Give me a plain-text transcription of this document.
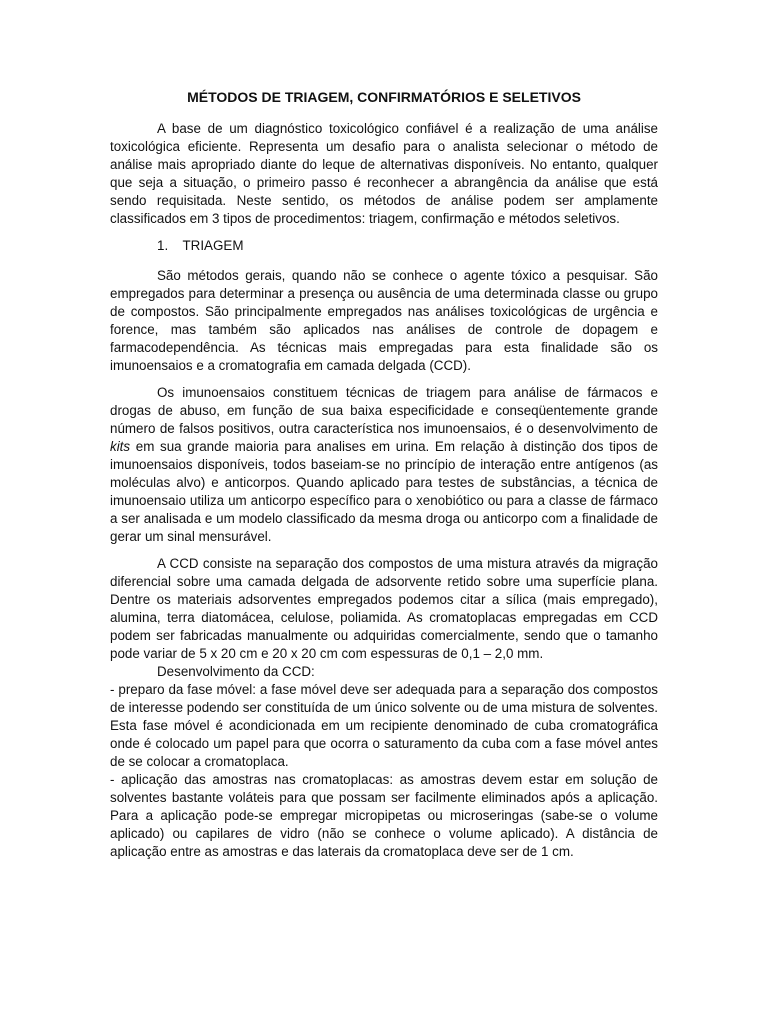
MÉTODOS DE TRIAGEM, CONFIRMATÓRIOS E SELETIVOS

A base de um diagnóstico toxicológico confiável é a realização de uma análise toxicológica eficiente. Representa um desafio para o analista selecionar o método de análise mais apropriado diante do leque de alternativas disponíveis. No entanto, qualquer que seja a situação, o primeiro passo é reconhecer a abrangência da análise que está sendo requisitada. Neste sentido, os métodos de análise podem ser amplamente classificados em 3 tipos de procedimentos: triagem, confirmação e métodos seletivos.

1. TRIAGEM

São métodos gerais, quando não se conhece o agente tóxico a pesquisar. São empregados para determinar a presença ou ausência de uma determinada classe ou grupo de compostos. São principalmente empregados nas análises toxicológicas de urgência e forence, mas também são aplicados nas análises de controle de dopagem e farmacodependência. As técnicas mais empregadas para esta finalidade são os imunoensaios e a cromatografia em camada delgada (CCD).

Os imunoensaios constituem técnicas de triagem para análise de fármacos e drogas de abuso, em função de sua baixa especificidade e conseqüentemente grande número de falsos positivos, outra característica nos imunoensaios, é o desenvolvimento de kits em sua grande maioria para analises em urina. Em relação à distinção dos tipos de imunoensaios disponíveis, todos baseiam-se no princípio de interação entre antígenos (as moléculas alvo) e anticorpos. Quando aplicado para testes de substâncias, a técnica de imunoensaio utiliza um anticorpo específico para o xenobiótico ou para a classe de fármaco a ser analisada e um modelo classificado da mesma droga ou anticorpo com a finalidade de gerar um sinal mensurável.

A CCD consiste na separação dos compostos de uma mistura através da migração diferencial sobre uma camada delgada de adsorvente retido sobre uma superfície plana. Dentre os materiais adsorventes empregados podemos citar a sílica (mais empregado), alumina, terra diatomácea, celulose, poliamida. As cromatoplacas empregadas em CCD podem ser fabricadas manualmente ou adquiridas comercialmente, sendo que o tamanho pode variar de 5 x 20 cm e 20 x 20 cm com espessuras de 0,1 – 2,0 mm.

Desenvolvimento da CCD:

- preparo da fase móvel: a fase móvel deve ser adequada para a separação dos compostos de interesse podendo ser constituída de um único solvente ou de uma mistura de solventes. Esta fase móvel é acondicionada em um recipiente denominado de cuba cromatográfica onde é colocado um papel para que ocorra o saturamento da cuba com a fase móvel antes de se colocar a cromatoplaca.

- aplicação das amostras nas cromatoplacas: as amostras devem estar em solução de solventes bastante voláteis para que possam ser facilmente eliminados após a aplicação. Para a aplicação pode-se empregar micropipetas ou microseringas (sabe-se o volume aplicado) ou capilares de vidro (não se conhece o volume aplicado). A distância de aplicação entre as amostras e das laterais da cromatoplaca deve ser de 1 cm.
